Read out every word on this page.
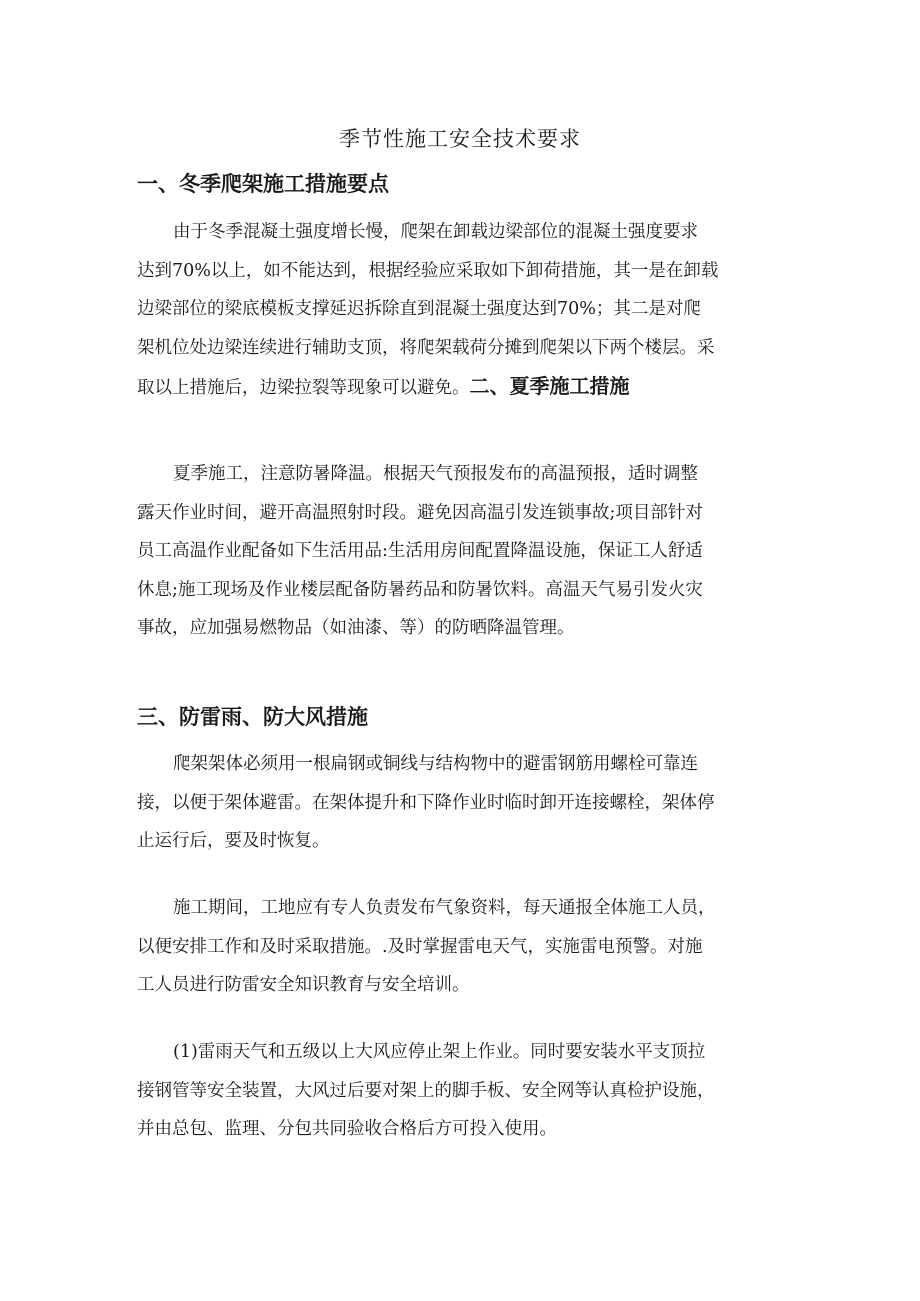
季节性施工安全技术要求
一、冬季爬架施工措施要点
由于冬季混凝土强度增长慢，爬架在卸载边梁部位的混凝土强度要求
达到70%以上，如不能达到，根据经验应采取如下卸荷措施，其一是在卸载
边梁部位的梁底模板支撑延迟拆除直到混凝土强度达到70%；其二是对爬
架机位处边梁连续进行辅助支顶，将爬架载荷分摊到爬架以下两个楼层。采
取以上措施后，边梁拉裂等现象可以避免。二、夏季施工措施
夏季施工，注意防暑降温。根据天气预报发布的高温预报，适时调整
露天作业时间，避开高温照射时段。避免因高温引发连锁事故;项目部针对
员工高温作业配备如下生活用品:生活用房间配置降温设施，保证工人舒适
休息;施工现场及作业楼层配备防暑药品和防暑饮料。高温天气易引发火灾
事故，应加强易燃物品（如油漆、等）的防晒降温管理。
三、防雷雨、防大风措施
爬架架体必须用一根扁钢或铜线与结构物中的避雷钢筋用螺栓可靠连
接，以便于架体避雷。在架体提升和下降作业时临时卸开连接螺栓，架体停
止运行后，要及时恢复。
施工期间，工地应有专人负责发布气象资料，每天通报全体施工人员，
以便安排工作和及时采取措施。.及时掌握雷电天气，实施雷电预警。对施
工人员进行防雷安全知识教育与安全培训。
(1)雷雨天气和五级以上大风应停止架上作业。同时要安装水平支顶拉
接钢管等安全装置，大风过后要对架上的脚手板、安全网等认真检护设施，
并由总包、监理、分包共同验收合格后方可投入使用。
